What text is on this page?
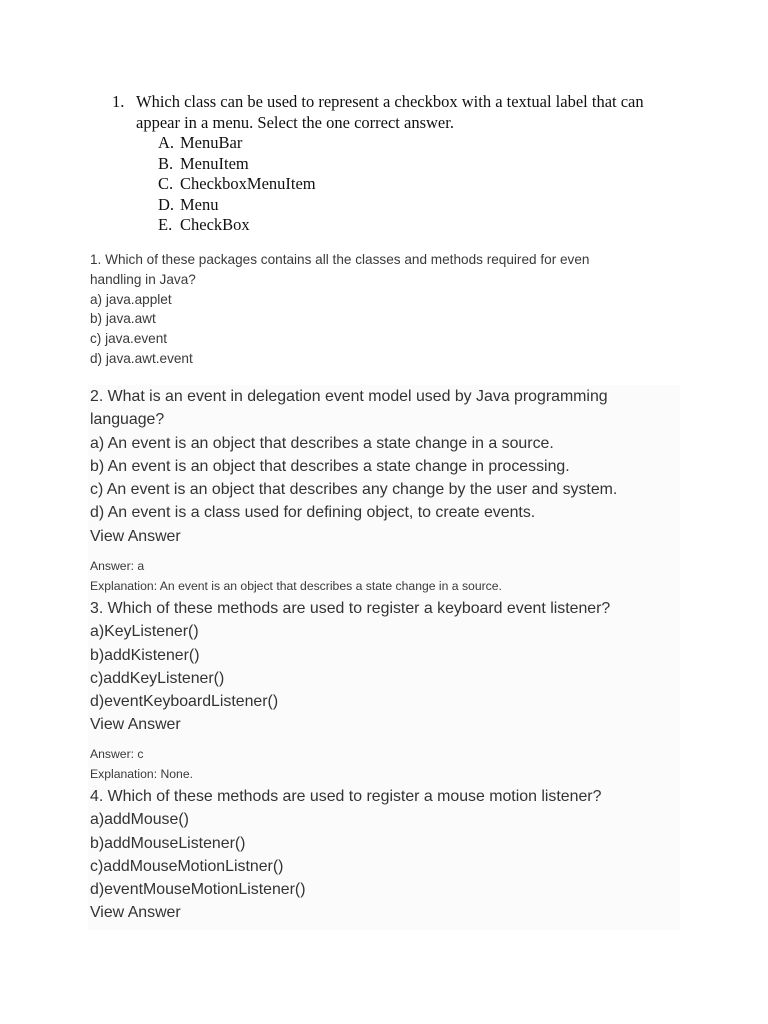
1. Which class can be used to represent a checkbox with a textual label that can
appear in a menu. Select the one correct answer.
A. MenuBar
B. MenuItem
C. CheckboxMenuItem
D. Menu
E. CheckBox
1. Which of these packages contains all the classes and methods required for even
handling in Java?
a) java.applet
b) java.awt
c) java.event
d) java.awt.event
2. What is an event in delegation event model used by Java programming
language?
a) An event is an object that describes a state change in a source.
b) An event is an object that describes a state change in processing.
c) An event is an object that describes any change by the user and system.
d) An event is a class used for defining object, to create events.
View Answer
Answer: a
Explanation: An event is an object that describes a state change in a source.
3. Which of these methods are used to register a keyboard event listener?
a)KeyListener()
b)addKistener()
c)addKeyListener()
d)eventKeyboardListener()
View Answer
Answer: c
Explanation: None.
4. Which of these methods are used to register a mouse motion listener?
a)addMouse()
b)addMouseListener()
c)addMouseMotionListner()
d)eventMouseMotionListener()
View Answer
